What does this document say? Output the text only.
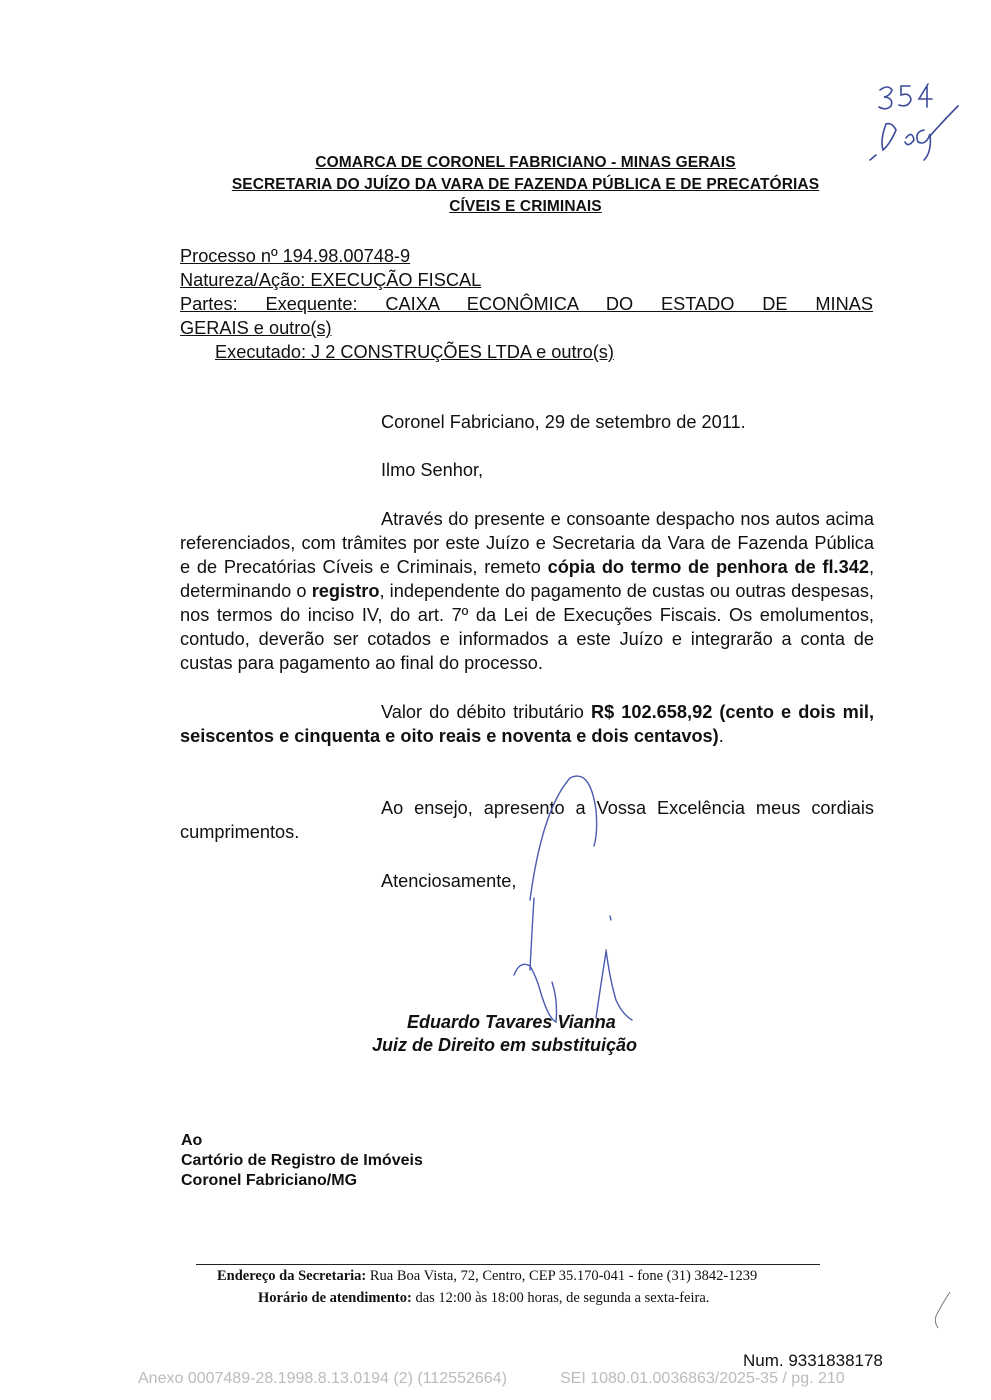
COMARCA DE CORONEL FABRICIANO - MINAS GERAIS
SECRETARIA DO JUÍZO DA VARA DE FAZENDA PÚBLICA E DE PRECATÓRIAS
CÍVEIS E CRIMINAIS
Processo nº 194.98.00748-9
Natureza/Ação: EXECUÇÃO FISCAL
Partes: Exequente: CAIXA ECONÔMICA DO ESTADO DE MINAS
GERAIS e outro(s)
Executado: J 2 CONSTRUÇÕES LTDA e outro(s)
Coronel Fabriciano, 29 de setembro de 2011.
Ilmo Senhor,
Através do presente e consoante despacho nos autos acima referenciados, com trâmites por este Juízo e Secretaria da Vara de Fazenda Pública e de Precatórias Cíveis e Criminais, remeto cópia do termo de penhora de fl.342, determinando o registro, independente do pagamento de custas ou outras despesas, nos termos do inciso IV, do art. 7º da Lei de Execuções Fiscais. Os emolumentos, contudo, deverão ser cotados e informados a este Juízo e integrarão a conta de custas para pagamento ao final do processo.
Valor do débito tributário R$ 102.658,92 (cento e dois mil, seiscentos e cinquenta e oito reais e noventa e dois centavos).
Ao ensejo, apresento a Vossa Excelência meus cordiais cumprimentos.
Atenciosamente,
Eduardo Tavares Vianna
Juiz de Direito em substituição
Ao
Cartório de Registro de Imóveis
Coronel Fabriciano/MG
Endereço da Secretaria: Rua Boa Vista, 72, Centro, CEP 35.170-041 - fone (31) 3842-1239
Horário de atendimento: das 12:00 às 18:00 horas, de segunda a sexta-feira.
Num. 9331838178
Anexo 0007489-28.1998.8.13.0194 (2) (112552664)	SEI 1080.01.0036863/2025-35 / pg. 210
